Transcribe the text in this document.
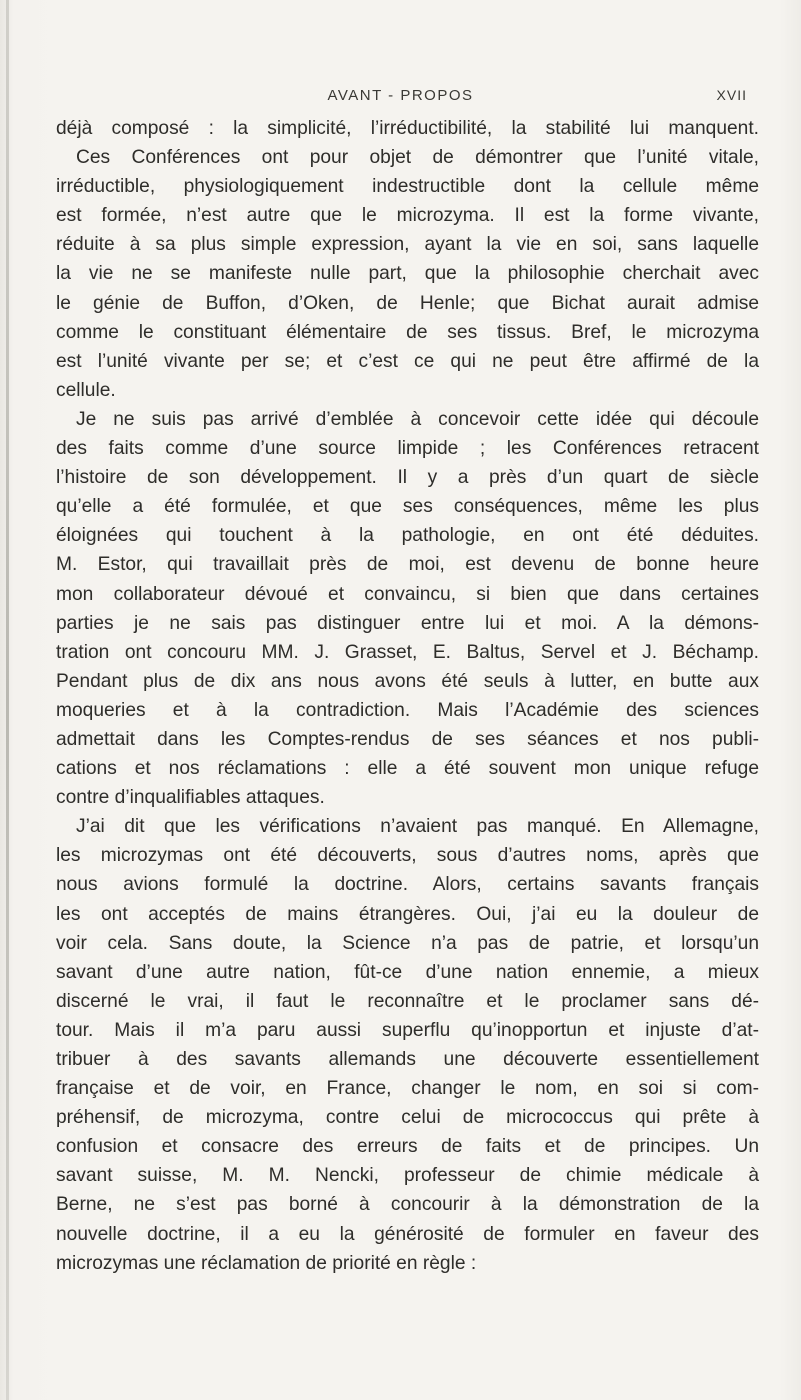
AVANT - PROPOS	XVII
déjà composé : la simplicité, l’irréductibilité, la stabilité lui manquent.
Ces Conférences ont pour objet de démontrer que l’unité vitale,
irréductible, physiologiquement indestructible dont la cellule même
est formée, n’est autre que le microzyma. Il est la forme vivante,
réduite à sa plus simple expression, ayant la vie en soi, sans laquelle
la vie ne se manifeste nulle part, que la philosophie cherchait avec
le génie de Buffon, d’Oken, de Henle; que Bichat aurait admise
comme le constituant élémentaire de ses tissus. Bref, le microzyma
est l’unité vivante per se; et c’est ce qui ne peut être affirmé de la
cellule.
Je ne suis pas arrivé d’emblée à concevoir cette idée qui découle
des faits comme d’une source limpide ; les Conférences retracent
l’histoire de son développement. Il y a près d’un quart de siècle
qu’elle a été formulée, et que ses conséquences, même les plus
éloignées qui touchent à la pathologie, en ont été déduites.
M. Estor, qui travaillait près de moi, est devenu de bonne heure
mon collaborateur dévoué et convaincu, si bien que dans certaines
parties je ne sais pas distinguer entre lui et moi. A la démons-
tration ont concouru MM. J. Grasset, E. Baltus, Servel et J. Béchamp.
Pendant plus de dix ans nous avons été seuls à lutter, en butte aux
moqueries et à la contradiction. Mais l’Académie des sciences
admettait dans les Comptes-rendus de ses séances et nos publi-
cations et nos réclamations : elle a été souvent mon unique refuge
contre d’inqualifiables attaques.
J’ai dit que les vérifications n’avaient pas manqué. En Allemagne,
les microzymas ont été découverts, sous d’autres noms, après que
nous avions formulé la doctrine. Alors, certains savants français
les ont acceptés de mains étrangères. Oui, j’ai eu la douleur de
voir cela. Sans doute, la Science n’a pas de patrie, et lorsqu’un
savant d’une autre nation, fût-ce d’une nation ennemie, a mieux
discerné le vrai, il faut le reconnaître et le proclamer sans dé-
tour. Mais il m’a paru aussi superflu qu’inopportun et injuste d’at-
tribuer à des savants allemands une découverte essentiellement
française et de voir, en France, changer le nom, en soi si com-
préhensif, de microzyma, contre celui de micrococcus qui prête à
confusion et consacre des erreurs de faits et de principes. Un
savant suisse, M. M. Nencki, professeur de chimie médicale à
Berne, ne s’est pas borné à concourir à la démonstration de la
nouvelle doctrine, il a eu la générosité de formuler en faveur des
microzymas une réclamation de priorité en règle :
